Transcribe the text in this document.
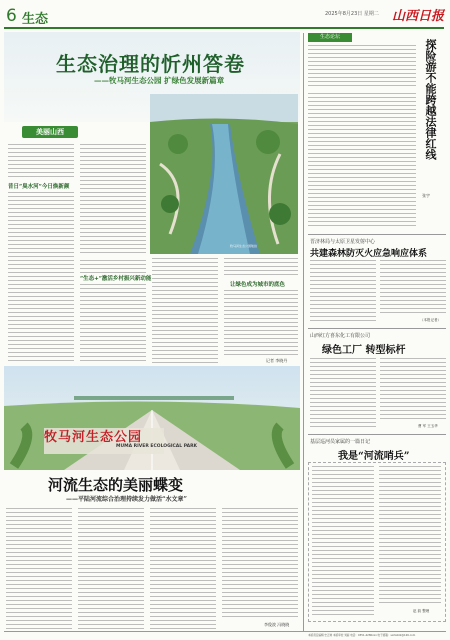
6 生态	2025年8月23日 星期二 山西日报
生态治理的忻州答卷
——牧马河生态公园 扩绿色发展新篇章
美丽山西
牧马河生态公园航拍
昔日“臭水河”今日焕新颜
“生态+”激活乡村振兴新动能
让绿色成为城市的底色
记者 李晓丹
牧马河生态公园
MUMA RIVER ECOLOGICAL PARK
河流生态的美丽蝶变
——平陆河流综合治理持续发力做活“水文章”
李俊波 冯晓晓
生态论坛
探险游不能跨越法律红线
张宇
晋济林局与太原卫星发射中心
共建森林防灭火应急响应体系
（本报记者）
山西红方喜东化工有限公司
绿色工厂 转型标杆
曹 军 王玉华
基层巡河员家属的一篇日记
我是“河流哨兵”
赵 韵 整理
本版责任编辑 史正帅 本版审校 刘丽 电话：0351-4280xxx 电子邮箱：sxrbstzk@126.com
